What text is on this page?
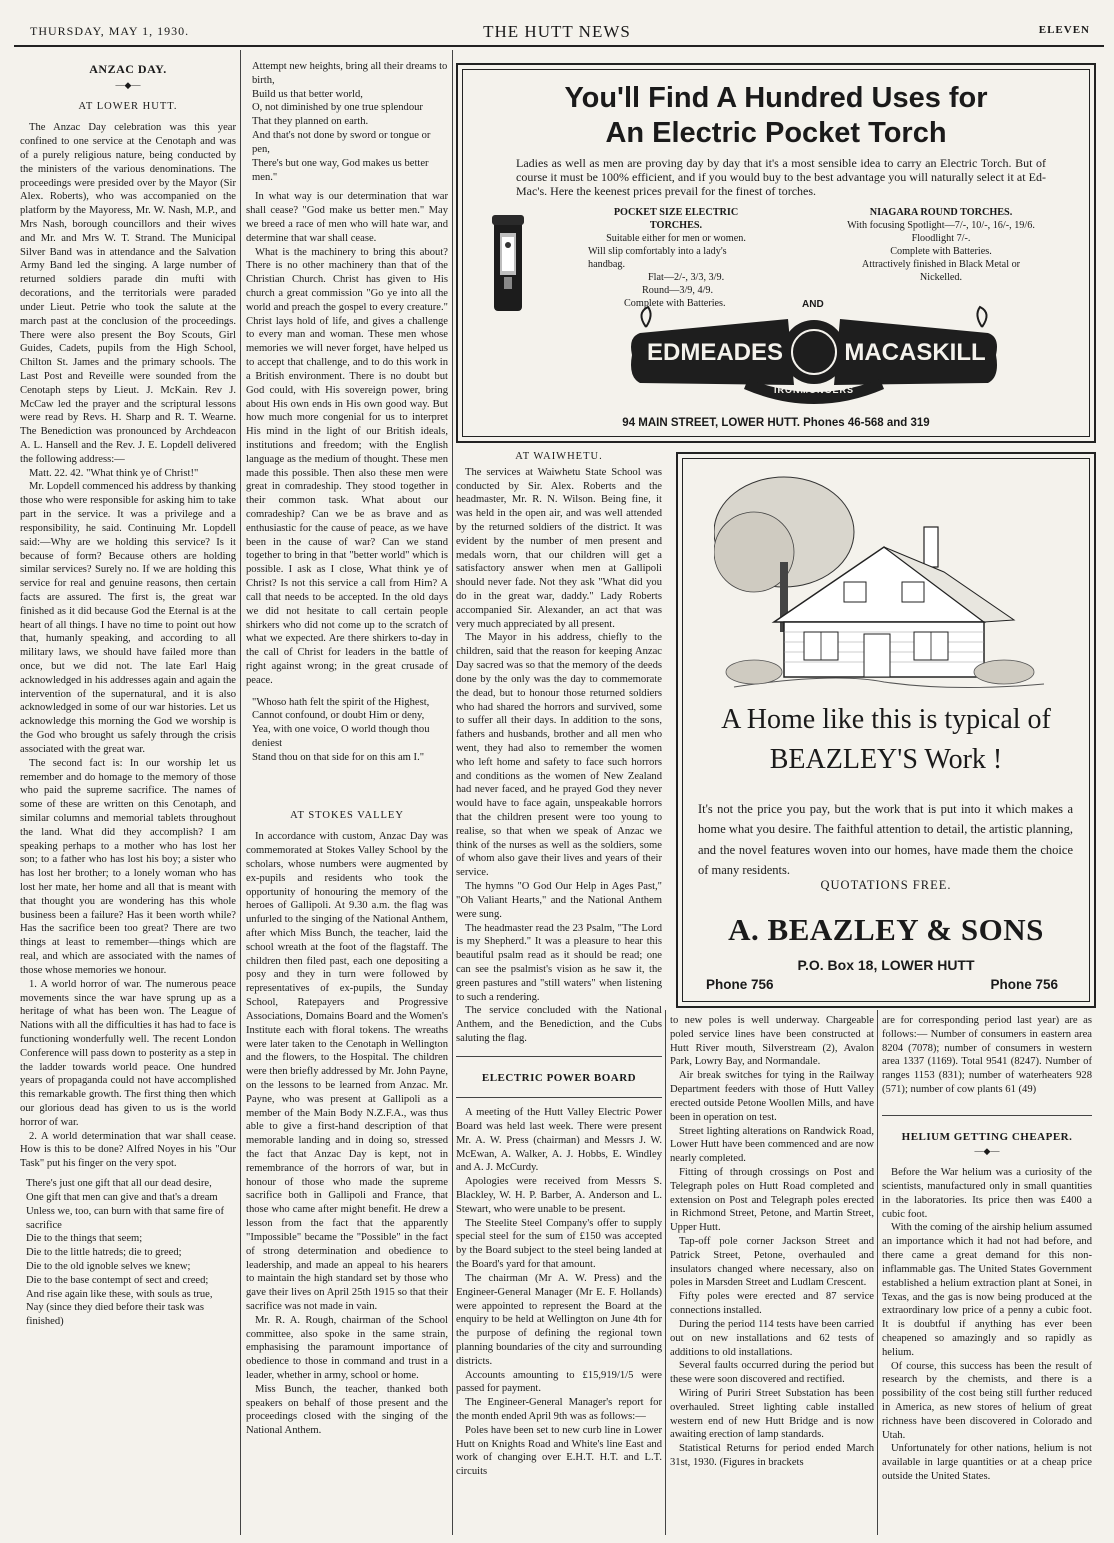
THURSDAY, MAY 1, 1930.	THE HUTT NEWS	ELEVEN
ANZAC DAY.
—◆—
AT LOWER HUTT.

The Anzac Day celebration was this year confined to one service at the Cenotaph and was of a purely religious nature, being conducted by the ministers of the various denominations. The proceedings were presided over by the Mayor (Sir Alex. Roberts), who was accompanied on the platform by the Mayoress, Mr. W. Nash, M.P., and Mrs Nash, borough councillors and their wives and Mr. and Mrs W. T. Strand. The Municipal Silver Band was in attendance and the Salvation Army Band led the singing. A large number of returned soldiers parade din mufti with decorations, and the territorials were paraded under Lieut. Petrie who took the salute at the march past at the conclusion of the proceedings. There were also present the Boy Scouts, Girl Guides, Cadets, pupils from the High School, Chilton St. James and the primary schools. The Last Post and Reveille were sounded from the Cenotaph steps by Lieut. J. McKain. Rev J. McCaw led the prayer and the scriptural lessons were read by Revs. H. Sharp and R. T. Wearne. The Benediction was pronounced by Archdeacon A. L. Hansell and the Rev. J. E. Lopdell delivered the following address:—

Matt. 22. 42. "What think ye of Christ!"

Mr. Lopdell commenced his address by thanking those who were responsible for asking him to take part in the service. It was a privilege and a responsibility, he said. Continuing Mr. Lopdell said:—Why are we holding this service? Is it because of form? Because others are holding similar services? Surely no. If we are holding this service for real and genuine reasons, then certain facts are assured. The first is, the great war finished as it did because God the Eternal is at the heart of all things. I have no time to point out how that, humanly speaking, and according to all military laws, we should have failed more than once, but we did not. The late Earl Haig acknowledged in his addresses again and again the intervention of the supernatural, and it is also acknowledged in some of our war histories. Let us acknowledge this morning the God we worship is the God who brought us safely through the crisis associated with the great war.

The second fact is: In our worship let us remember and do homage to the memory of those who paid the supreme sacrifice. The names of some of these are written on this Cenotaph, and similar columns and memorial tablets throughout the land. What did they accomplish? I am speaking perhaps to a mother who has lost her son; to a father who has lost his boy; a sister who has lost her brother; to a lonely woman who has lost her mate, her home and all that is meant with that thought you are wondering has this whole business been a failure? Has it been worth while? Has the sacrifice been too great? There are two things at least to remember—things which are real, and which are associated with the names of those whose memories we honour.

1. A world horror of war. The numerous peace movements since the war have sprung up as a heritage of what has been won. The League of Nations with all the difficulties it has had to face is functioning wonderfully well. The recent London Conference will pass down to posterity as a step in the ladder towards world peace. One hundred years of propaganda could not have accomplished this remarkable growth. The first thing then which our glorious dead has given to us is the world horror of war.

2. A world determination that war shall cease. How is this to be done? Alfred Noyes in his "Our Task" put his finger on the very spot.

There's just one gift that all our dead desire,
One gift that men can give and that's a dream
Unless we, too, can burn with that same fire of sacrifice
Die to the things that seem;
Die to the little hatreds; die to greed;
Die to the old ignoble selves we knew;
Die to the base contempt of sect and creed;
And rise again like these, with souls as true,
Nay (since they died before their task was finished)
Attempt new heights, bring all their dreams to birth,
Build us that better world,
O, not diminished by one true splendour
That they planned on earth.
And that's not done by sword or tongue or pen,
There's but one way, God makes us better men."

In what way is our determination that war shall cease? "God make us better men." May we breed a race of men who will hate war, and determine that war shall cease.

What is the machinery to bring this about? There is no other machinery than that of the Christian Church. Christ has given to His church a great commission "Go ye into all the world and preach the gospel to every creature." Christ lays hold of life, and gives a challenge to every man and woman. These men whose memories we will never forget, have helped us to accept that challenge, and to do this work in a British environment. There is no doubt but God could, with His sovereign power, bring about His own ends in His own good way. But how much more congenial for us to interpret His mind in the light of our British ideals, institutions and freedom; with the English language as the medium of thought. These men made this possible. Then also these men were great in comradeship. They stood together in their common task. What about our comradeship? Can we be as brave and as enthusiastic for the cause of peace, as we have been in the cause of war? Can we stand together to bring in that "better world" which is possible. I ask as I close, What think ye of Christ? Is not this service a call from Him? A call that needs to be accepted. In the old days we did not hesitate to call certain people shirkers who did not come up to the scratch of what we expected. Are there shirkers to-day in the call of Christ for leaders in the battle of right against wrong; in the great crusade of peace.

"Whoso hath felt the spirit of the Highest,
Cannot confound, or doubt Him or deny,
Yea, with one voice, O world though thou deniest
Stand thou on that side for on this am I."
AT STOKES VALLEY

In accordance with custom, Anzac Day was commemorated at Stokes Valley School by the scholars, whose numbers were augmented by ex-pupils and residents who took the opportunity of honouring the memory of the heroes of Gallipoli. At 9.30 a.m. the flag was unfurled to the singing of the National Anthem, after which Miss Bunch, the teacher, laid the school wreath at the foot of the flagstaff. The children then filed past, each one depositing a posy and they in turn were followed by representatives of ex-pupils, the Sunday School, Ratepayers and Progressive Associations, Domains Board and the Women's Institute each with floral tokens. The wreaths were later taken to the Cenotaph in Wellington and the flowers, to the Hospital. The children were then briefly addressed by Mr. John Payne, on the lessons to be learned from Anzac. Mr. Payne, who was present at Gallipoli as a member of the Main Body N.Z.F.A., was thus able to give a first-hand description of that memorable landing and in doing so, stressed the fact that Anzac Day is kept, not in remembrance of the horrors of war, but in honour of those who made the supreme sacrifice both in Gallipoli and France, that those who came after might benefit. He drew a lesson from the fact that the apparently "Impossible" became the "Possible" in the fact of strong determination and obedience to leadership, and made an appeal to his hearers to maintain the high standard set by those who gave their lives on April 25th 1915 so that their sacrifice was not made in vain.

Mr. R. A. Rough, chairman of the School committee, also spoke in the same strain, emphasising the paramount importance of obedience to those in command and trust in a leader, whether in army, school or home.

Miss Bunch, the teacher, thanked both speakers on behalf of those present and the proceedings closed with the singing of the National Anthem.

You'll Find A Hundred Uses for
An Electric Pocket Torch
Ladies as well as men are proving day by day that it's a most sensible idea to carry an Electric Torch. But of course it must be 100% efficient, and if you would buy to the best advantage you will naturally select it at Ed-Mac's. Here the keenest prices prevail for the finest of torches.
POCKET SIZE ELECTRIC TORCHES.
Suitable either for men or women.
Will slip comfortably into a lady's handbag.
Flat—2/-, 3/3, 3/9.
Round—3/9, 4/9.
Complete with Batteries.
NIAGARA ROUND TORCHES.
With focusing Spotlight—7/-, 10/-, 16/-, 19/6.
Floodlight 7/-.
Complete with Batteries.
Attractively finished in Black Metal or Nickelled.
AND
EDMEADES	MACASKILL
IRONMONGERS
94 MAIN STREET, LOWER HUTT. Phones 46-568 and 319
AT WAIWHETU.

The services at Waiwhetu State School was conducted by Sir. Alex. Roberts and the headmaster, Mr. R. N. Wilson. Being fine, it was held in the open air, and was well attended by the returned soldiers of the district. It was evident by the number of men present and medals worn, that our children will get a satisfactory answer when men at Gallipoli should never fade. Not they ask "What did you do in the great war, daddy." Lady Roberts accompanied Sir. Alexander, an act that was very much appreciated by all present.

The Mayor in his address, chiefly to the children, said that the reason for keeping Anzac Day sacred was so that the memory of the deeds done by the only was the day to commemorate the dead, but to honour those returned soldiers who had shared the horrors and survived, some to suffer all their days. In addition to the sons, fathers and husbands, brother and all men who went, they had also to remember the women who left home and safety to face such horrors and conditions as the women of New Zealand had never faced, and he prayed God they never would have to face again, unspeakable horrors that the children present were too young to realise, so that when we speak of Anzac we think of the nurses as well as the soldiers, some of whom also gave their lives and years of their service.

The hymns "O God Our Help in Ages Past," "Oh Valiant Hearts," and the National Anthem were sung.

The headmaster read the 23 Psalm, "The Lord is my Shepherd." It was a pleasure to hear this beautiful psalm read as it should be read; one can see the psalmist's vision as he saw it, the green pastures and "still waters" when listening to such a rendering.

The service concluded with the National Anthem, and the Benediction, and the Cubs saluting the flag.

ELECTRIC POWER BOARD

A meeting of the Hutt Valley Electric Power Board was held last week. There were present Mr. A. W. Press (chairman) and Messrs J. W. McEwan, A. Walker, A. J. Hobbs, E. Windley and A. J. McCurdy.

Apologies were received from Messrs S. Blackley, W. H. P. Barber, A. Anderson and L. Stewart, who were unable to be present.

The Steelite Steel Company's offer to supply special steel for the sum of £150 was accepted by the Board subject to the steel being landed at the Board's yard for that amount.

The chairman (Mr A. W. Press) and the Engineer-General Manager (Mr E. F. Hollands) were appointed to represent the Board at the enquiry to be held at Wellington on June 4th for the purpose of defining the regional town planning boundaries of the city and surrounding districts.

Accounts amounting to £15,919/1/5 were passed for payment.

The Engineer-General Manager's report for the month ended April 9th was as follows:—

Poles have been set to new curb line in Lower Hutt on Knights Road and White's line East and work of changing over E.H.T. H.T. and L.T. circuits

A Home like this is typical of
BEAZLEY'S Work !
It's not the price you pay, but the work that is put into it which makes a home what you desire. The faithful attention to detail, the artistic planning, and the novel features woven into our homes, have made them the choice of many residents.
QUOTATIONS FREE.
A. BEAZLEY & SONS
P.O. Box 18, LOWER HUTT
Phone 756	Phone 756

to new poles is well underway. Chargeable poled service lines have been constructed at Hutt River mouth, Silverstream (2), Avalon Park, Lowry Bay, and Normandale.

Air break switches for tying in the Railway Department feeders with those of Hutt Valley erected outside Petone Woollen Mills, and have been in operation on test.

Street lighting alterations on Randwick Road, Lower Hutt have been commenced and are now nearly completed.

Fitting of through crossings on Post and Telegraph poles on Hutt Road completed and extension on Post and Telegraph poles erected in Richmond Street, Petone, and Martin Street, Upper Hutt.

Tap-off pole corner Jackson Street and Patrick Street, Petone, overhauled and insulators changed where necessary, also on poles in Marsden Street and Ludlam Crescent.

Fifty poles were erected and 87 service connections installed.

During the period 114 tests have been carried out on new installations and 62 tests of additions to old installations.

Several faults occurred during the period but these were soon discovered and rectified.

Wiring of Puriri Street Substation has been overhauled. Street lighting cable installed western end of new Hutt Bridge and is now awaiting erection of lamp standards.

Statistical Returns for period ended March 31st, 1930. (Figures in brackets

are for corresponding period last year) are as follows:— Number of consumers in eastern area 8204 (7078); number of consumers in western area 1337 (1169). Total 9541 (8247). Number of ranges 1153 (831); number of waterheaters 928 (571); number of cow plants 61 (49)

HELIUM GETTING CHEAPER.
—◆—

Before the War helium was a curiosity of the scientists, manufactured only in small quantities in the laboratories. Its price then was £400 a cubic foot.

With the coming of the airship helium assumed an importance which it had not had before, and there came a great demand for this non-inflammable gas. The United States Government established a helium extraction plant at Sonei, in Texas, and the gas is now being produced at the extraordinary low price of a penny a cubic foot. It is doubtful if anything has ever been cheapened so amazingly and so rapidly as helium.

Of course, this success has been the result of research by the chemists, and there is a possibility of the cost being still further reduced in America, as new stores of helium of great richness have been discovered in Colorado and Utah.

Unfortunately for other nations, helium is not available in large quantities or at a cheap price outside the United States.
